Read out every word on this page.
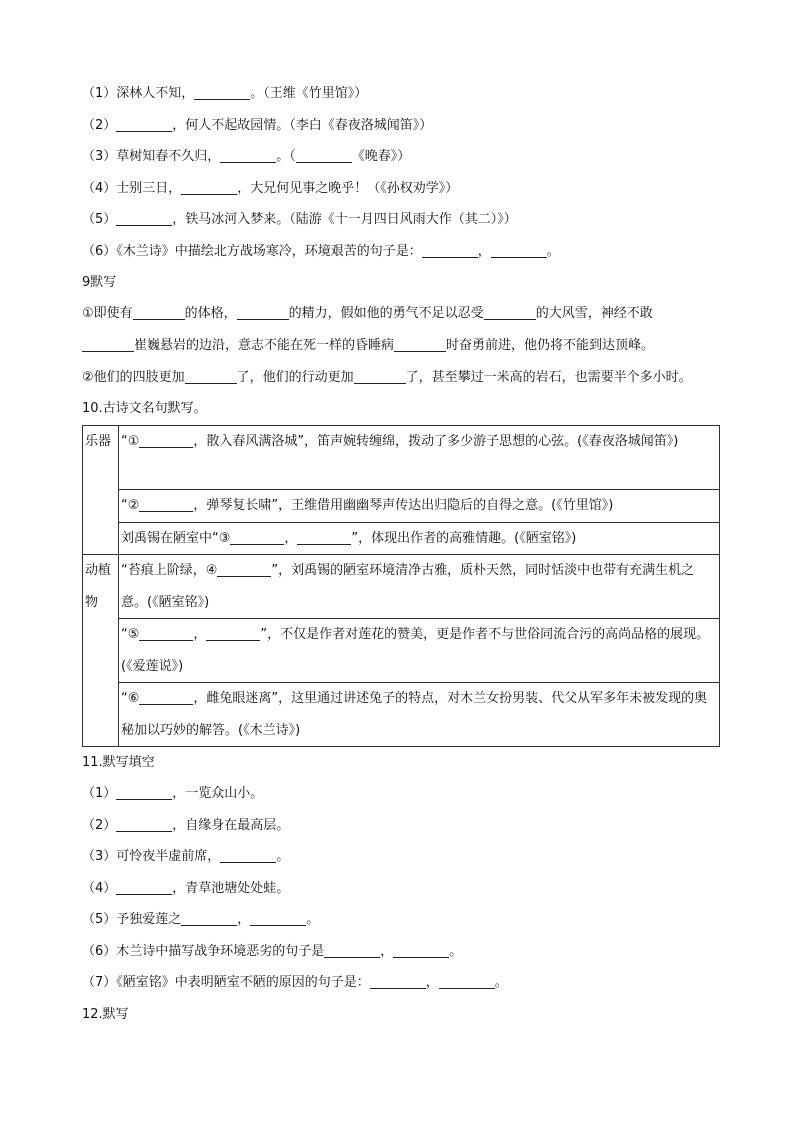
（1）深林人不知，	。（王维《竹里馆》）
（2）	，何人不起故园情。（李白《春夜洛城闻笛》）
（3）草树知春不久归，	。（	《晚春》）
（4）士别三日，	，大兄何见事之晚乎！（《孙权劝学》）
（5）	，铁马冰河入梦来。（陆游《十一月四日风雨大作（其二）》）
（6）《木兰诗》中描绘北方战场寒冷，环境艰苦的句子是：	，	。
9默写
①即使有	的体格，	的精力，假如他的勇气不足以忍受	的大风雪，神经不敢
崔巍悬岩的边沿，意志不能在死一样的昏睡病	时奋勇前进，他仍将不能到达顶峰。
②他们的四肢更加	了，他们的行动更加	了，甚至攀过一米高的岩石，也需要半个多小时。
10.古诗文名句默写。
乐器	“① ，散入春风满洛城”，笛声婉转缠绵，拨动了多少游子思想的心弦。(《春夜洛城闻笛》)

	“② ，弹琴复长啸”，王维借用幽幽琴声传达出归隐后的自得之意。(《竹里馆》)

	刘禹锡在陋室中“③ ， ”，体现出作者的高雅情趣。(《陋室铭》)

动植物	“苔痕上阶绿，④ ”，刘禹锡的陋室环境清净古雅，质朴天然，同时恬淡中也带有充满生机之意。(《陋室铭》)

	“⑤ ， ”，不仅是作者对莲花的赞美，更是作者不与世俗同流合污的高尚品格的展现。(《爱莲说》)

	“⑥ ，雌兔眼迷离”，这里通过讲述兔子的特点，对木兰女扮男装、代父从军多年未被发现的奥秘加以巧妙的解答。(《木兰诗》)
11.默写填空
（1）	，一览众山小。
（2）	，自缘身在最高层。
（3）可怜夜半虚前席，	。
（4）	，青草池塘处处蛙。
（5）予独爱莲之	，	。
（6）木兰诗中描写战争环境恶劣的句子是	，	。
（7）《陋室铭》中表明陋室不陋的原因的句子是：	，	。
12.默写
